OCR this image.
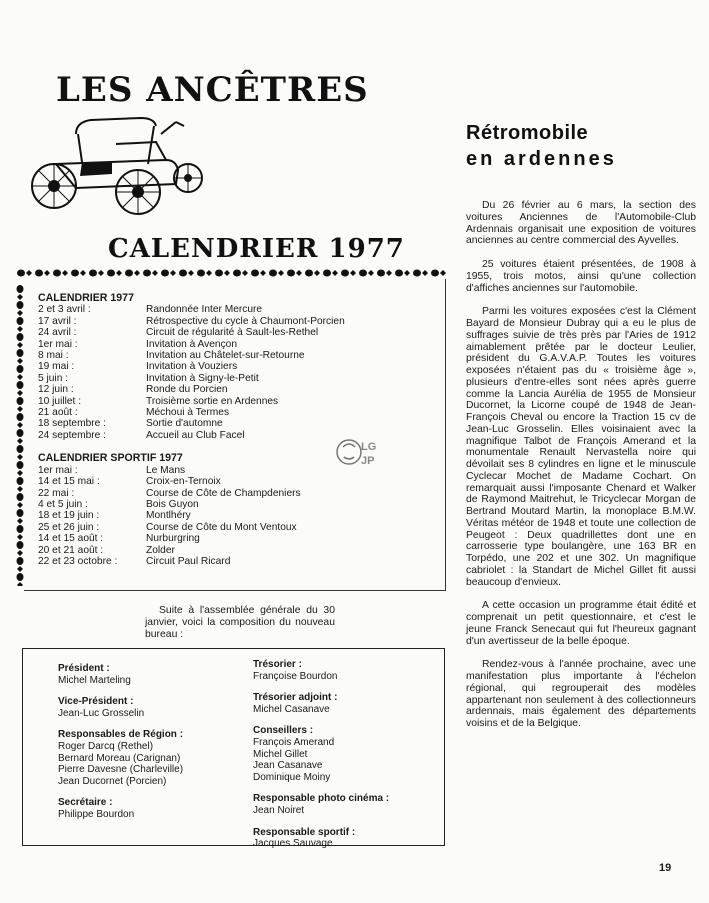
LES ANCÊTRES
CALENDRIER 1977
CALENDRIER 1977
2 et 3 avril :	Randonnée Inter Mercure
17 avril :	Rétrospective du cycle à Chaumont-Porcien
24 avril :	Circuit de régularité à Sault-les-Rethel
1er mai :	Invitation à Avençon
8 mai :	Invitation au Châtelet-sur-Retourne
19 mai :	Invitation à Vouziers
5 juin :	Invitation à Signy-le-Petit
12 juin :	Ronde du Porcien
10 juillet :	Troisième sortie en Ardennes
21 août :	Méchoui à Termes
18 septembre :	Sortie d'automne
24 septembre :	Accueil au Club Facel
CALENDRIER SPORTIF 1977
1er mai :	Le Mans
14 et 15 mai :	Croix-en-Ternoix
22 mai :	Course de Côte de Champdeniers
4 et 5 juin :	Bois Guyon
18 et 19 juin :	Montlhéry
25 et 26 juin :	Course de Côte du Mont Ventoux
14 et 15 août :	Nurburgring
20 et 21 août :	Zolder
22 et 23 octobre :	Circuit Paul Ricard
LG
JP
Suite à l'assemblée générale du 30 janvier, voici la composition du nouveau bureau :
Président :
Michel Marteling
Vice-Président :
Jean-Luc Grosselin
Responsables de Région :
Roger Darcq (Rethel)
Bernard Moreau (Carignan)
Pierre Davesne (Charleville)
Jean Ducornet (Porcien)
Secrétaire :
Philippe Bourdon
Trésorier :
Françoise Bourdon
Trésorier adjoint :
Michel Casanave
Conseillers :
François Amerand
Michel Gillet
Jean Casanave
Dominique Moiny
Responsable photo cinéma :
Jean Noiret
Responsable sportif :
Jacques Sauvage
Rétromobile
en ardennes

Du 26 février au 6 mars, la section des voitures Anciennes de l'Automobile-Club Ardennais organisait une exposition de voitures anciennes au centre commercial des Ayvelles.

25 voitures étaient présentées, de 1908 à 1955, trois motos, ainsi qu'une collection d'affiches anciennes sur l'automobile.

Parmi les voitures exposées c'est la Clément Bayard de Monsieur Dubray qui a eu le plus de suffrages suivie de très près par l'Aries de 1912 aimablement prêtée par le docteur Leulier, président du G.A.V.A.P. Toutes les voitures exposées n'étaient pas du « troisième âge », plusieurs d'entre-elles sont nées après guerre comme la Lancia Aurélia de 1955 de Monsieur Ducornet, la Licorne coupé de 1948 de Jean-François Cheval ou encore la Traction 15 cv de Jean-Luc Grosselin. Elles voisinaient avec la magnifique Talbot de François Amerand et la monumentale Renault Nervastella noire qui dévoilait ses 8 cylindres en ligne et le minuscule Cyclecar Mochet de Madame Cochart. On remarquait aussi l'imposante Chenard et Walker de Raymond Maitrehut, le Tricyclecar Morgan de Bertrand Moutard Martin, la monoplace B.M.W. Véritas météor de 1948 et toute une collection de Peugeot : Deux quadrillettes dont une en carrosserie type boulangère, une 163 BR en Torpédo, une 202 et une 302. Un magnifique cabriolet : la Standart de Michel Gillet fit aussi beaucoup d'envieux.

A cette occasion un programme était édité et comprenait un petit questionnaire, et c'est le jeune Franck Senecaut qui fut l'heureux gagnant d'un avertisseur de la belle époque.

Rendez-vous à l'année prochaine, avec une manifestation plus importante à l'échelon régional, qui regrouperait des modèles appartenant non seulement à des collectionneurs ardennais, mais également des départements voisins et de la Belgique.

19
